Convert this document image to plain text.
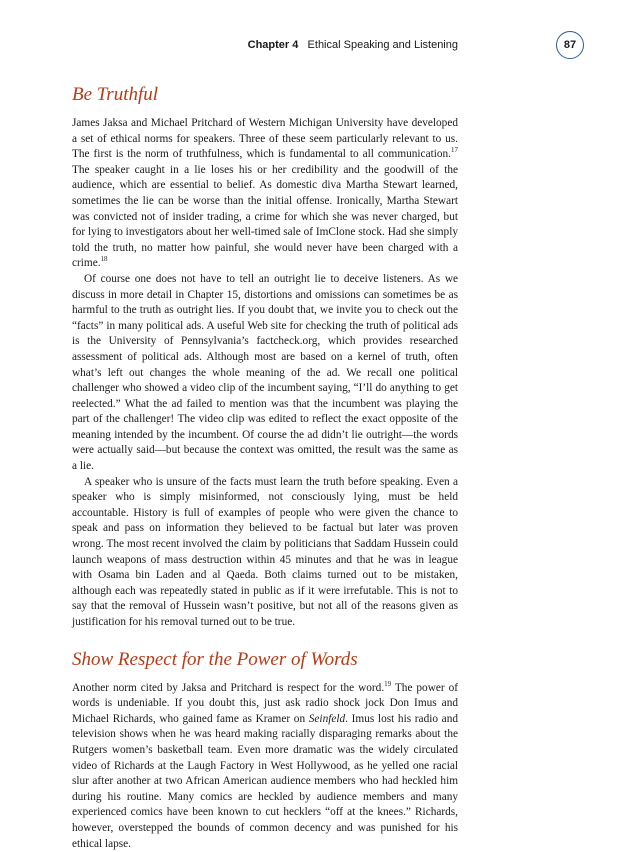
Chapter 4 Ethical Speaking and Listening	87
Be Truthful

James Jaksa and Michael Pritchard of Western Michigan University have developed a set of ethical norms for speakers. Three of these seem particularly relevant to us. The first is the norm of truthfulness, which is fundamental to all communication.$^{17}$ The speaker caught in a lie loses his or her credibility and the goodwill of the audience, which are essential to belief. As domestic diva Martha Stewart learned, sometimes the lie can be worse than the initial offense. Ironically, Martha Stewart was convicted not of insider trading, a crime for which she was never charged, but for lying to investigators about her well-timed sale of ImClone stock. Had she simply told the truth, no matter how painful, she would never have been charged with a crime.$^{18}$

Of course one does not have to tell an outright lie to deceive listeners. As we discuss in more detail in Chapter 15, distortions and omissions can sometimes be as harmful to the truth as outright lies. If you doubt that, we invite you to check out the “facts” in many political ads. A useful Web site for checking the truth of political ads is the University of Pennsylvania’s factcheck.org, which provides researched assessment of political ads. Although most are based on a kernel of truth, often what’s left out changes the whole meaning of the ad. We recall one political challenger who showed a video clip of the incumbent saying, “I’ll do anything to get reelected.” What the ad failed to mention was that the incumbent was playing the part of the challenger! The video clip was edited to reflect the exact opposite of the meaning intended by the incumbent. Of course the ad didn’t lie outright—the words were actually said—but because the context was omitted, the result was the same as a lie.

A speaker who is unsure of the facts must learn the truth before speaking. Even a speaker who is simply misinformed, not consciously lying, must be held accountable. History is full of examples of people who were given the chance to speak and pass on information they believed to be factual but later was proven wrong. The most recent involved the claim by politicians that Saddam Hussein could launch weapons of mass destruction within 45 minutes and that he was in league with Osama bin Laden and al Qaeda. Both claims turned out to be mistaken, although each was repeatedly stated in public as if it were irrefutable. This is not to say that the removal of Hussein wasn’t positive, but not all of the reasons given as justification for his removal turned out to be true.

Show Respect for the Power of Words

Another norm cited by Jaksa and Pritchard is respect for the word.$^{19}$ The power of words is undeniable. If you doubt this, just ask radio shock jock Don Imus and Michael Richards, who gained fame as Kramer on Seinfeld. Imus lost his radio and television shows when he was heard making racially disparaging remarks about the Rutgers women’s basketball team. Even more dramatic was the widely circulated video of Richards at the Laugh Factory in West Hollywood, as he yelled one racial slur after another at two African American audience members who had heckled him during his routine. Many comics are heckled by audience members and many experienced comics have been known to cut hecklers “off at the knees.” Richards, however, overstepped the bounds of common decency and was punished for his ethical lapse.
